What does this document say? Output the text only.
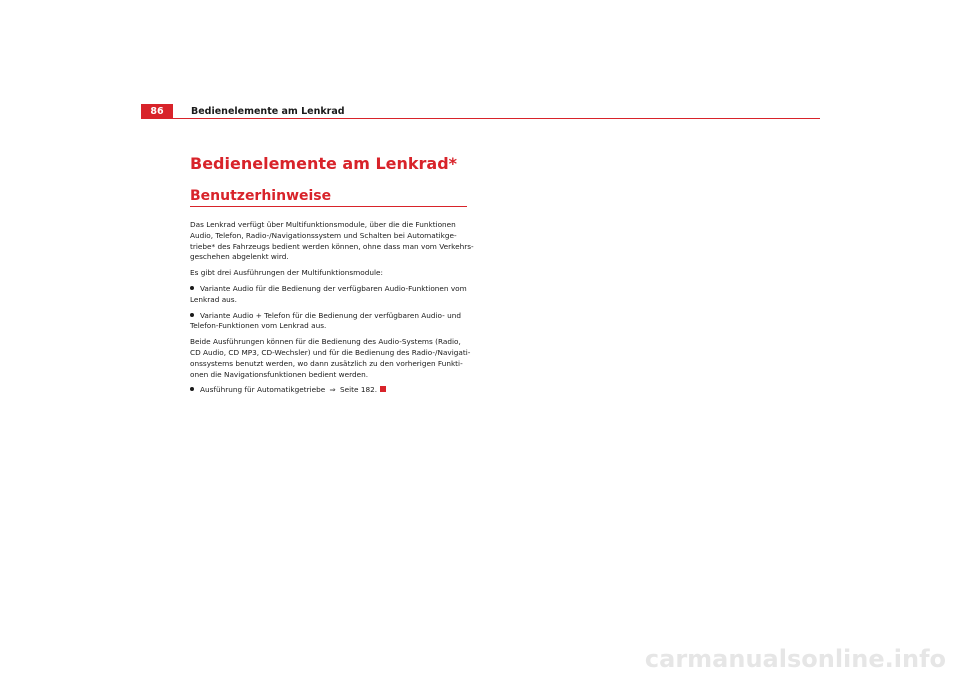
86	Bedienelemente am Lenkrad
Bedienelemente am Lenkrad*
Benutzerhinweise

Das Lenkrad verfügt über Multifunktionsmodule, über die die Funktionen
Audio, Telefon, Radio-/Navigationssystem und Schalten bei Automatikge-
triebe* des Fahrzeugs bedient werden können, ohne dass man vom Verkehrs-
geschehen abgelenkt wird.

Es gibt drei Ausführungen der Multifunktionsmodule:

Variante Audio für die Bedienung der verfügbaren Audio-Funktionen vom
Lenkrad aus.
Variante Audio + Telefon für die Bedienung der verfügbaren Audio- und
Telefon-Funktionen vom Lenkrad aus.

Beide Ausführungen können für die Bedienung des Audio-Systems (Radio,
CD Audio, CD MP3, CD-Wechsler) und für die Bedienung des Radio-/Navigati-
onssystems benutzt werden, wo dann zusätzlich zu den vorherigen Funkti-
onen die Navigationsfunktionen bedient werden.

Ausführung für Automatikgetriebe ⇒ Seite 182.
carmanualsonline.info
